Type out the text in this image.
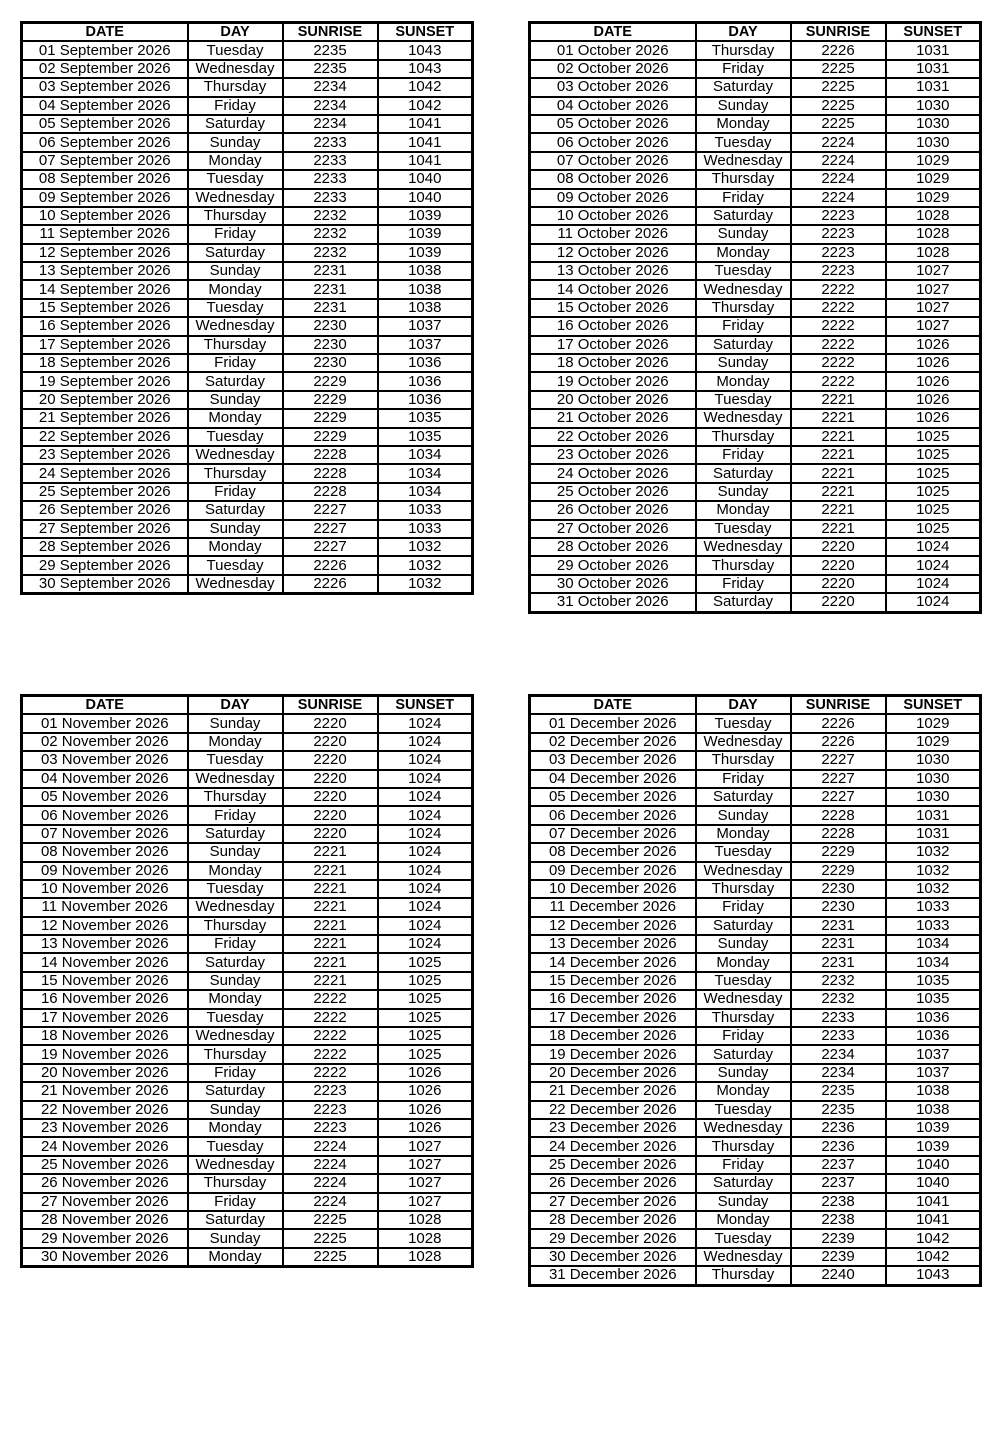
DATE	DAY	SUNRISE	SUNSET
01 September 2026	Tuesday	2235	1043
02 September 2026	Wednesday	2235	1043
03 September 2026	Thursday	2234	1042
04 September 2026	Friday	2234	1042
05 September 2026	Saturday	2234	1041
06 September 2026	Sunday	2233	1041
07 September 2026	Monday	2233	1041
08 September 2026	Tuesday	2233	1040
09 September 2026	Wednesday	2233	1040
10 September 2026	Thursday	2232	1039
11 September 2026	Friday	2232	1039
12 September 2026	Saturday	2232	1039
13 September 2026	Sunday	2231	1038
14 September 2026	Monday	2231	1038
15 September 2026	Tuesday	2231	1038
16 September 2026	Wednesday	2230	1037
17 September 2026	Thursday	2230	1037
18 September 2026	Friday	2230	1036
19 September 2026	Saturday	2229	1036
20 September 2026	Sunday	2229	1036
21 September 2026	Monday	2229	1035
22 September 2026	Tuesday	2229	1035
23 September 2026	Wednesday	2228	1034
24 September 2026	Thursday	2228	1034
25 September 2026	Friday	2228	1034
26 September 2026	Saturday	2227	1033
27 September 2026	Sunday	2227	1033
28 September 2026	Monday	2227	1032
29 September 2026	Tuesday	2226	1032
30 September 2026	Wednesday	2226	1032
DATE	DAY	SUNRISE	SUNSET
01 October 2026	Thursday	2226	1031
02 October 2026	Friday	2225	1031
03 October 2026	Saturday	2225	1031
04 October 2026	Sunday	2225	1030
05 October 2026	Monday	2225	1030
06 October 2026	Tuesday	2224	1030
07 October 2026	Wednesday	2224	1029
08 October 2026	Thursday	2224	1029
09 October 2026	Friday	2224	1029
10 October 2026	Saturday	2223	1028
11 October 2026	Sunday	2223	1028
12 October 2026	Monday	2223	1028
13 October 2026	Tuesday	2223	1027
14 October 2026	Wednesday	2222	1027
15 October 2026	Thursday	2222	1027
16 October 2026	Friday	2222	1027
17 October 2026	Saturday	2222	1026
18 October 2026	Sunday	2222	1026
19 October 2026	Monday	2222	1026
20 October 2026	Tuesday	2221	1026
21 October 2026	Wednesday	2221	1026
22 October 2026	Thursday	2221	1025
23 October 2026	Friday	2221	1025
24 October 2026	Saturday	2221	1025
25 October 2026	Sunday	2221	1025
26 October 2026	Monday	2221	1025
27 October 2026	Tuesday	2221	1025
28 October 2026	Wednesday	2220	1024
29 October 2026	Thursday	2220	1024
30 October 2026	Friday	2220	1024
31 October 2026	Saturday	2220	1024
DATE	DAY	SUNRISE	SUNSET
01 November 2026	Sunday	2220	1024
02 November 2026	Monday	2220	1024
03 November 2026	Tuesday	2220	1024
04 November 2026	Wednesday	2220	1024
05 November 2026	Thursday	2220	1024
06 November 2026	Friday	2220	1024
07 November 2026	Saturday	2220	1024
08 November 2026	Sunday	2221	1024
09 November 2026	Monday	2221	1024
10 November 2026	Tuesday	2221	1024
11 November 2026	Wednesday	2221	1024
12 November 2026	Thursday	2221	1024
13 November 2026	Friday	2221	1024
14 November 2026	Saturday	2221	1025
15 November 2026	Sunday	2221	1025
16 November 2026	Monday	2222	1025
17 November 2026	Tuesday	2222	1025
18 November 2026	Wednesday	2222	1025
19 November 2026	Thursday	2222	1025
20 November 2026	Friday	2222	1026
21 November 2026	Saturday	2223	1026
22 November 2026	Sunday	2223	1026
23 November 2026	Monday	2223	1026
24 November 2026	Tuesday	2224	1027
25 November 2026	Wednesday	2224	1027
26 November 2026	Thursday	2224	1027
27 November 2026	Friday	2224	1027
28 November 2026	Saturday	2225	1028
29 November 2026	Sunday	2225	1028
30 November 2026	Monday	2225	1028
DATE	DAY	SUNRISE	SUNSET
01 December 2026	Tuesday	2226	1029
02 December 2026	Wednesday	2226	1029
03 December 2026	Thursday	2227	1030
04 December 2026	Friday	2227	1030
05 December 2026	Saturday	2227	1030
06 December 2026	Sunday	2228	1031
07 December 2026	Monday	2228	1031
08 December 2026	Tuesday	2229	1032
09 December 2026	Wednesday	2229	1032
10 December 2026	Thursday	2230	1032
11 December 2026	Friday	2230	1033
12 December 2026	Saturday	2231	1033
13 December 2026	Sunday	2231	1034
14 December 2026	Monday	2231	1034
15 December 2026	Tuesday	2232	1035
16 December 2026	Wednesday	2232	1035
17 December 2026	Thursday	2233	1036
18 December 2026	Friday	2233	1036
19 December 2026	Saturday	2234	1037
20 December 2026	Sunday	2234	1037
21 December 2026	Monday	2235	1038
22 December 2026	Tuesday	2235	1038
23 December 2026	Wednesday	2236	1039
24 December 2026	Thursday	2236	1039
25 December 2026	Friday	2237	1040
26 December 2026	Saturday	2237	1040
27 December 2026	Sunday	2238	1041
28 December 2026	Monday	2238	1041
29 December 2026	Tuesday	2239	1042
30 December 2026	Wednesday	2239	1042
31 December 2026	Thursday	2240	1043
